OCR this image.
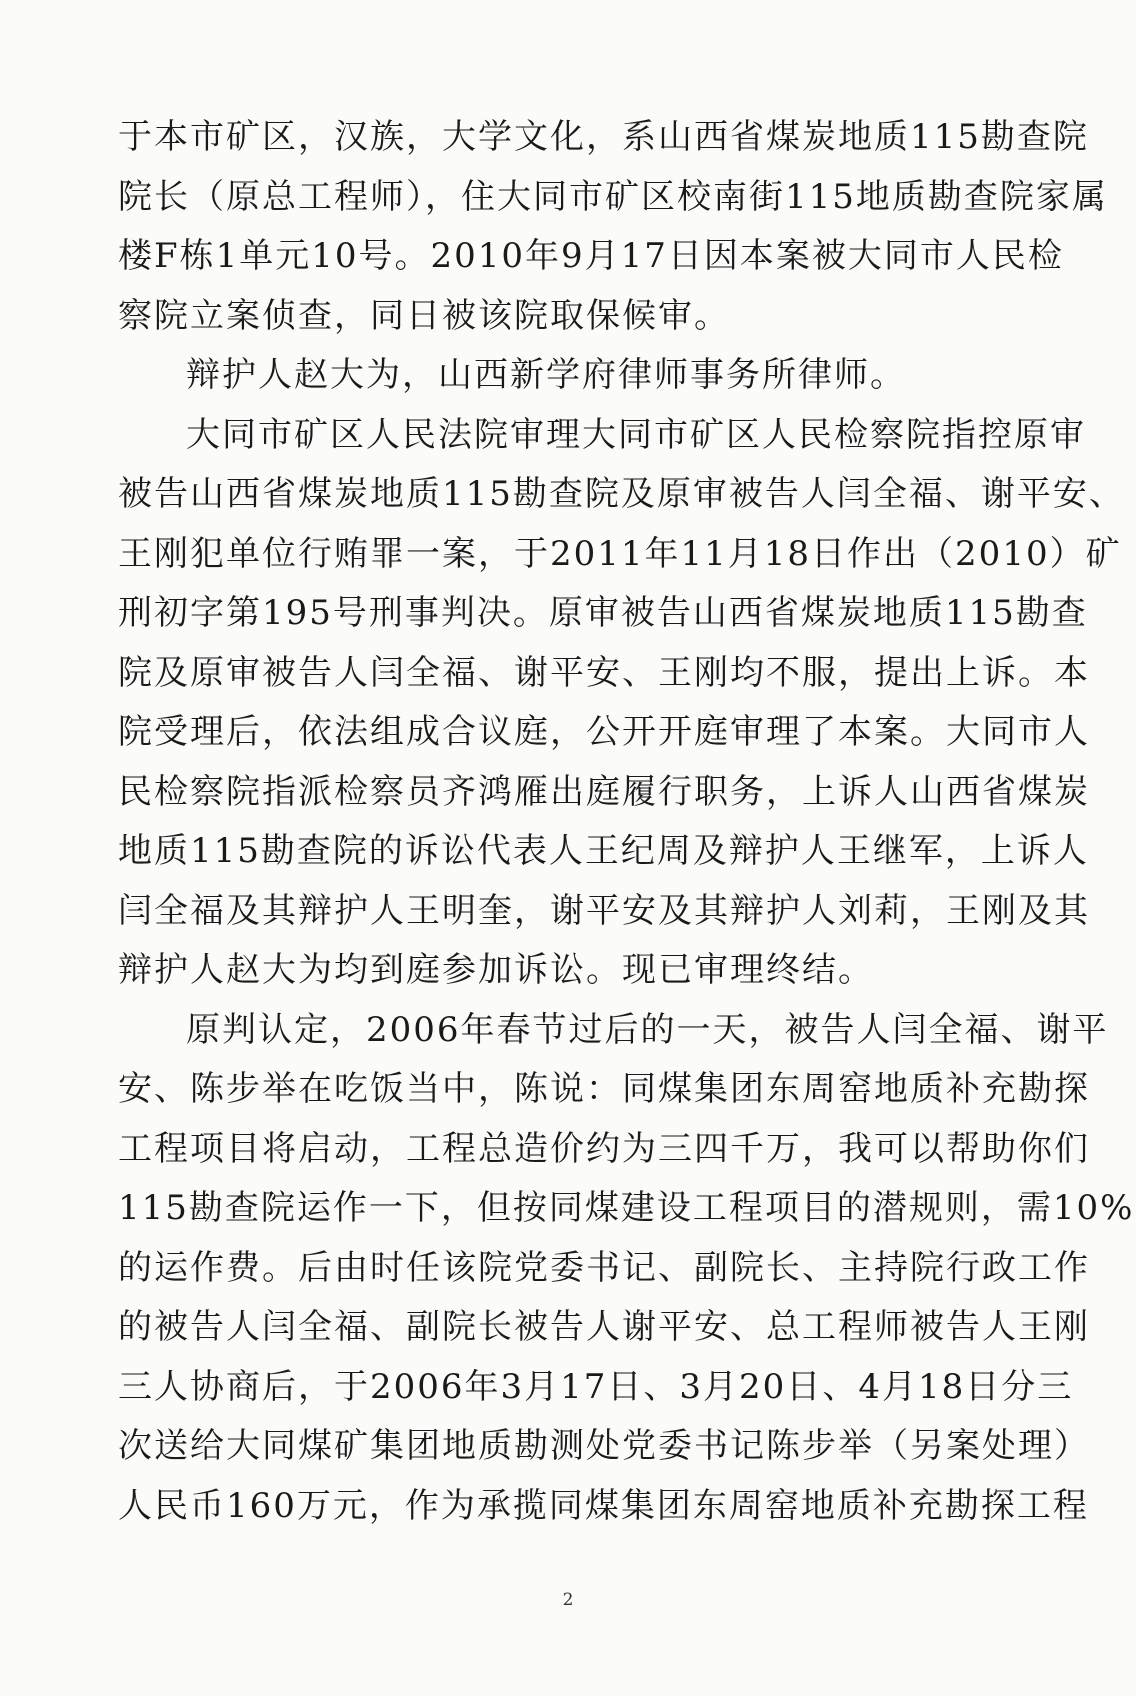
于本市矿区，汉族，大学文化，系山西省煤炭地质115勘查院
院长（原总工程师），住大同市矿区校南街115地质勘查院家属
楼F栋1单元10号。2010年9月17日因本案被大同市人民检
察院立案侦查，同日被该院取保候审。
辩护人赵大为，山西新学府律师事务所律师。
大同市矿区人民法院审理大同市矿区人民检察院指控原审
被告山西省煤炭地质115勘查院及原审被告人闫全福、谢平安、
王刚犯单位行贿罪一案，于2011年11月18日作出（2010）矿
刑初字第195号刑事判决。原审被告山西省煤炭地质115勘查
院及原审被告人闫全福、谢平安、王刚均不服，提出上诉。本
院受理后，依法组成合议庭，公开开庭审理了本案。大同市人
民检察院指派检察员齐鸿雁出庭履行职务，上诉人山西省煤炭
地质115勘查院的诉讼代表人王纪周及辩护人王继军，上诉人
闫全福及其辩护人王明奎，谢平安及其辩护人刘莉，王刚及其
辩护人赵大为均到庭参加诉讼。现已审理终结。
原判认定，2006年春节过后的一天，被告人闫全福、谢平
安、陈步举在吃饭当中，陈说：同煤集团东周窑地质补充勘探
工程项目将启动，工程总造价约为三四千万，我可以帮助你们
115勘查院运作一下，但按同煤建设工程项目的潜规则，需10%
的运作费。后由时任该院党委书记、副院长、主持院行政工作
的被告人闫全福、副院长被告人谢平安、总工程师被告人王刚
三人协商后，于2006年3月17日、3月20日、4月18日分三
次送给大同煤矿集团地质勘测处党委书记陈步举（另案处理）
人民币160万元，作为承揽同煤集团东周窑地质补充勘探工程
2
